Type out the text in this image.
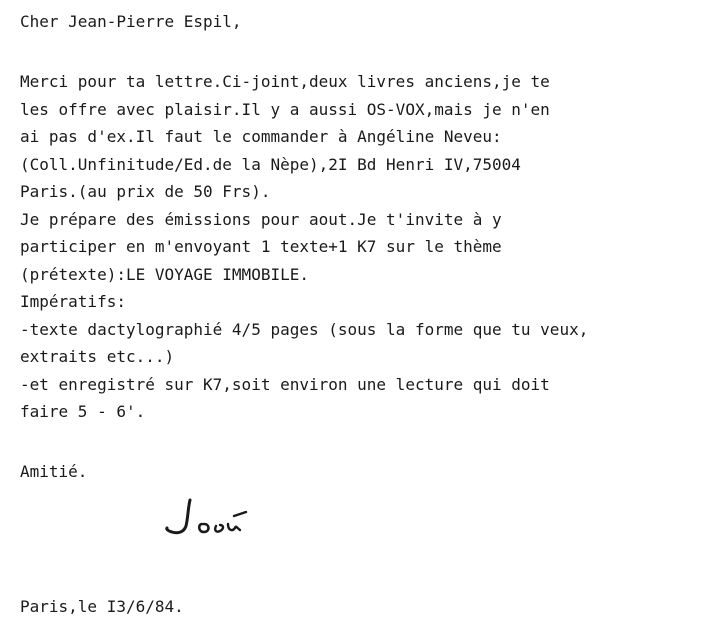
Cher Jean-Pierre Espil,
Merci pour ta lettre.Ci-joint,deux livres anciens,je te
les offre avec plaisir.Il y a aussi OS-VOX,mais je n'en
ai pas d'ex.Il faut le commander à Angéline Neveu:
(Coll.Unfinitude/Ed.de la Nèpe),2I Bd Henri IV,75004
Paris.(au prix de 50 Frs).
Je prépare des émissions pour aout.Je t'invite à y
participer en m'envoyant 1 texte+1 K7 sur le thème
(prétexte):LE VOYAGE IMMOBILE.
Impératifs:
-texte dactylographié 4/5 pages (sous la forme que tu veux,
extraits etc...)
-et enregistré sur K7,soit environ une lecture qui doit
faire 5 - 6'.
Amitié.
Paris,le I3/6/84.
